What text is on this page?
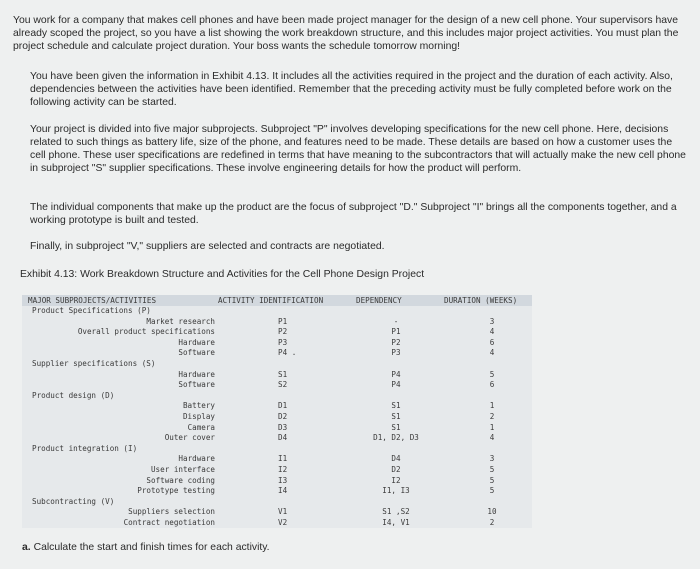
You work for a company that makes cell phones and have been made project manager for the design of a new cell phone. Your supervisors have already scoped the project, so you have a list showing the work breakdown structure, and this includes major project activities. You must plan the project schedule and calculate project duration. Your boss wants the schedule tomorrow morning!

You have been given the information in Exhibit 4.13. It includes all the activities required in the project and the duration of each activity. Also, dependencies between the activities have been identified. Remember that the preceding activity must be fully completed before work on the following activity can be started.

Your project is divided into five major subprojects. Subproject "P" involves developing specifications for the new cell phone. Here, decisions related to such things as battery life, size of the phone, and features need to be made. These details are based on how a customer uses the cell phone. These user specifications are redefined in terms that have meaning to the subcontractors that will actually make the new cell phone in subproject "S" supplier specifications. These involve engineering details for how the product will perform.

The individual components that make up the product are the focus of subproject "D." Subproject "I" brings all the components together, and a working prototype is built and tested.

Finally, in subproject "V," suppliers are selected and contracts are negotiated.

Exhibit 4.13: Work Breakdown Structure and Activities for the Cell Phone Design Project

MAJOR SUBPROJECTS/ACTIVITIES	ACTIVITY IDENTIFICATION	DEPENDENCY	DURATION (WEEKS)
Product Specifications (P)
Market research	P1	-	3
Overall product specifications	P2	P1	4
Hardware	P3	P2	6
Software	P4 .	P3	4
Supplier specifications (S)
Hardware	S1	P4	5
Software	S2	P4	6
Product design (D)
Battery	D1	S1	1
Display	D2	S1	2
Camera	D3	S1	1
Outer cover	D4	D1, D2, D3	4
Product integration (I)
Hardware	I1	D4	3
User interface	I2	D2	5
Software coding	I3	I2	5
Prototype testing	I4	I1, I3	5
Subcontracting (V)
Suppliers selection	V1	S1 ,S2	10
Contract negotiation	V2	I4, V1	2
a. Calculate the start and finish times for each activity.
